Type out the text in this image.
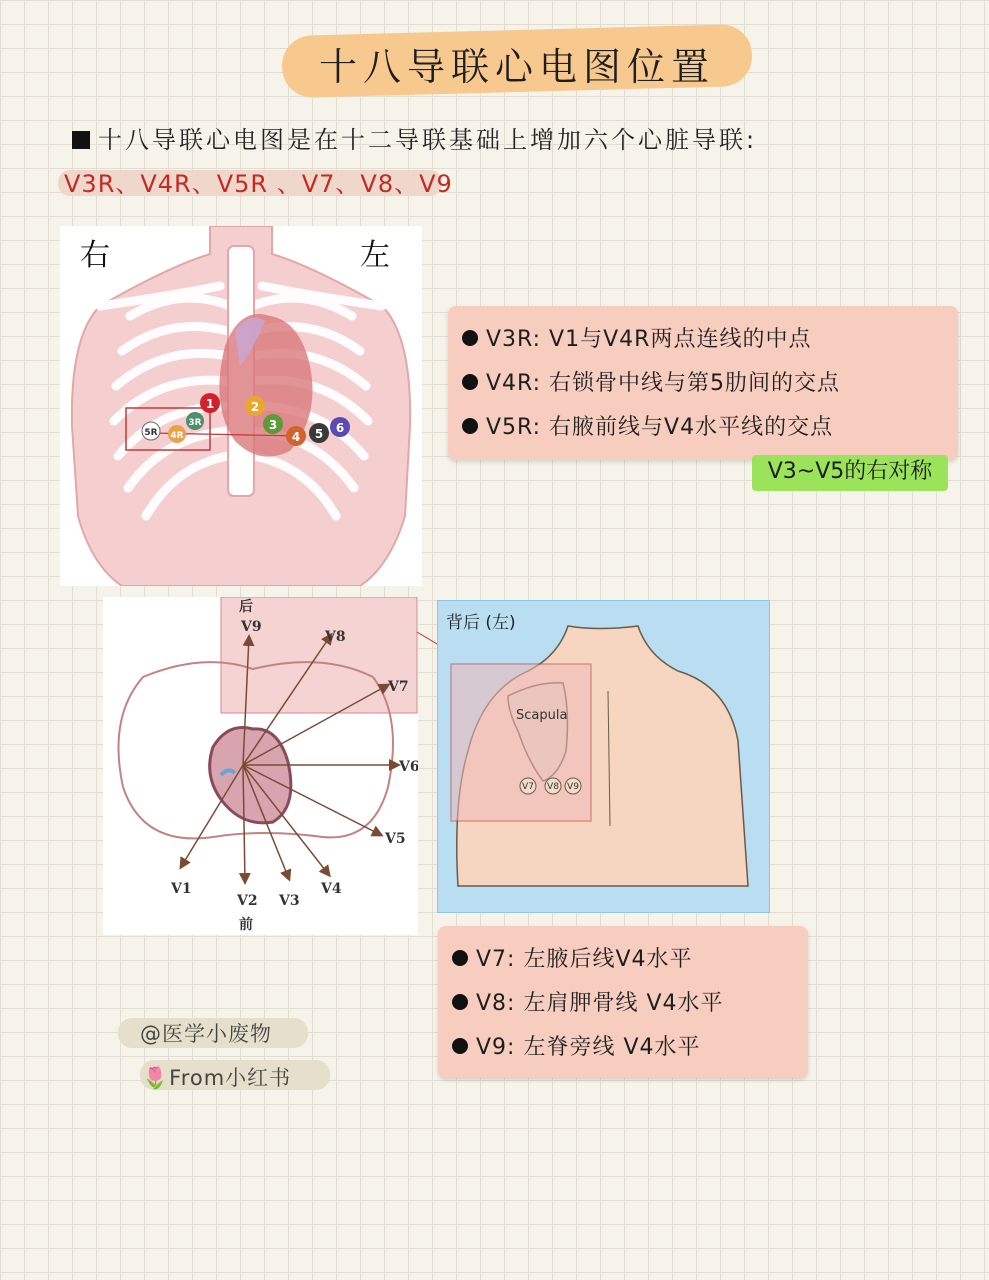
十八导联心电图位置
十八导联心电图是在十二导联基础上增加六个心脏导联:
V3R、V4R、V5R 、V7、V8、V9
1	2
3
4 5 6
3R
4R
5R
右	左
V3R: V1与V4R两点连线的中点
V4R: 右锁骨中线与第5肋间的交点
V5R: 右腋前线与V4水平线的交点
V3~V5的右对称
后
V9
V8
V7
V6
V5
V4
V3
V2
V1
前
Scapula
V7 V8 V9
背后 (左)
V7: 左腋后线V4水平
V8: 左肩胛骨线 V4水平
V9: 左脊旁线 V4水平
@医学小废物
🌷From小红书
